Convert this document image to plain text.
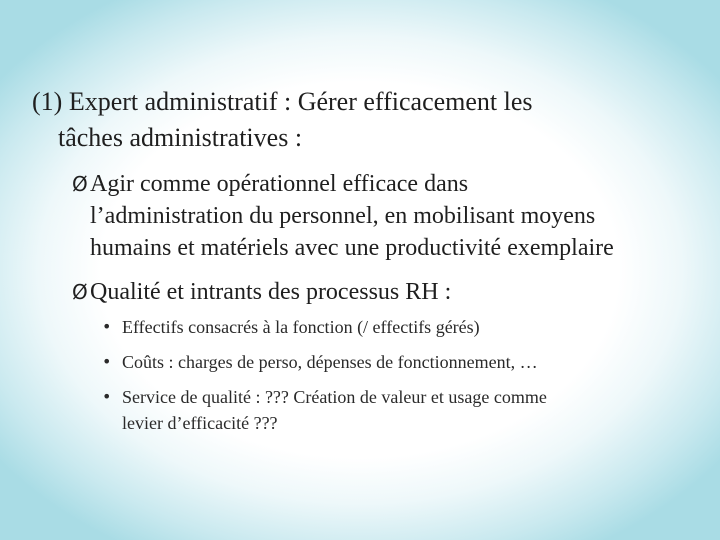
(1) Expert administratif : Gérer efficacement les
tâches administratives :
Ø Agir comme opérationnel efficace dans
l’administration du personnel, en mobilisant moyens
humains et matériels avec une productivité exemplaire
Ø Qualité et intrants des processus RH :
• Effectifs consacrés à la fonction (/ effectifs gérés)
• Coûts : charges de perso, dépenses de fonctionnement, …
• Service de qualité : ??? Création de valeur et usage comme
levier d’efficacité ???
